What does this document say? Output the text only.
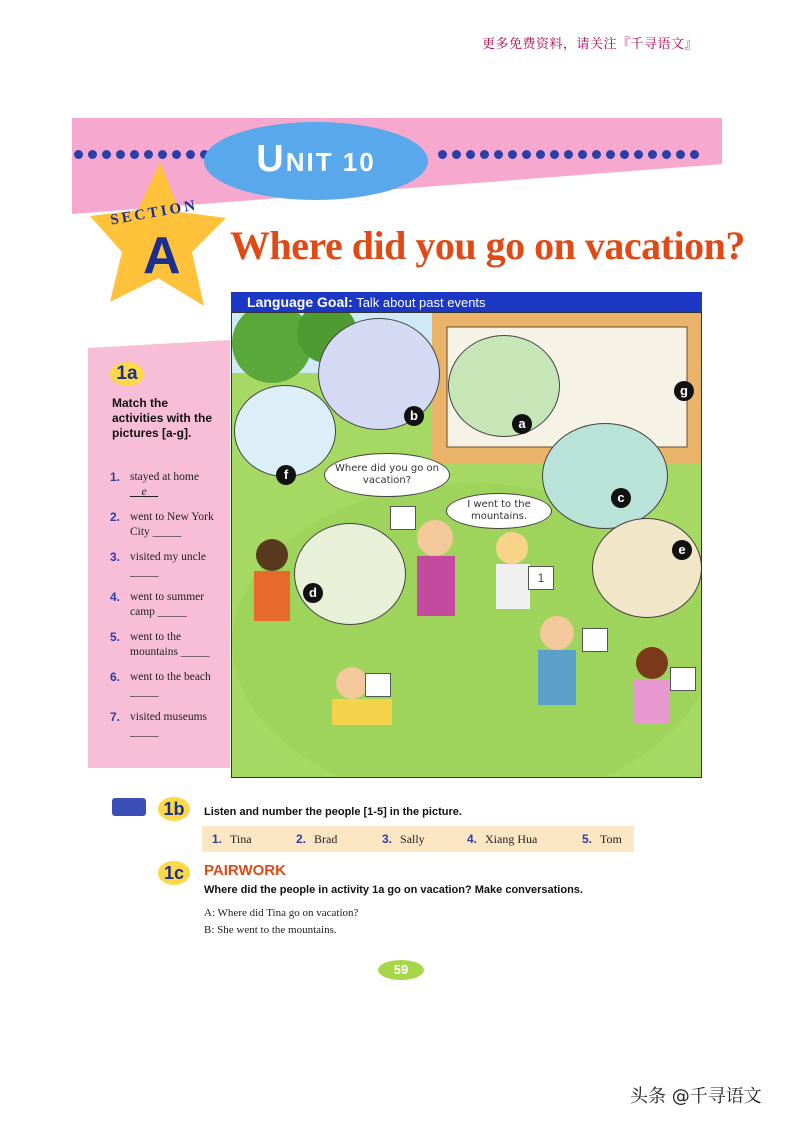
更多免费资料，请关注『千寻语文』
UNIT 10
SECTION
A Where did you go on vacation?
1a
Match the activities with the pictures [a-g].
1. stayed at home __e__
2. went to New York City _____
3. visited my uncle _____
4. went to summer camp _____
5. went to the mountains _____
6. went to the beach _____
7. visited museums _____
Language Goal: Talk about past events
Where did you go on vacation?
I went to the mountains.
a
b
c
d
e
f
g
1
1b	Listen and number the people [1-5] in the picture.
1. Tina	2. Brad	3. Sally	4. Xiang Hua	5. Tom
1c	PAIRWORK
Where did the people in activity 1a go on vacation? Make conversations.
A: Where did Tina go on vacation?
B: She went to the mountains.
59
头条 @千寻语文
